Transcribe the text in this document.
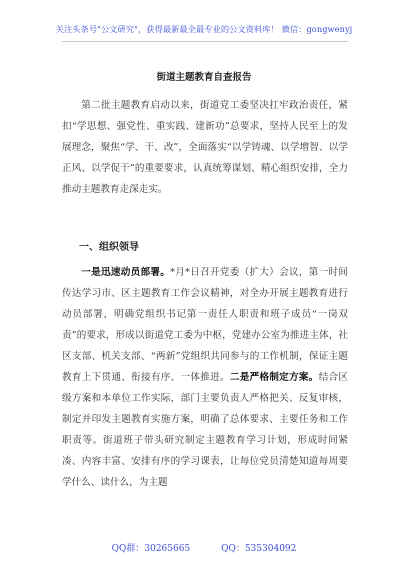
关注头条号"公文研究"，获得最新最全最专业的公文资料库！ 微信：gongwenyj
街道主题教育自查报告
第二批主题教育启动以来，街道党工委坚决扛牢政治责任，紧扣“学思想、强党性、重实践、建新功”总要求，坚持人民至上的发展理念，聚焦“学、干、改”，全面落实“以学铸魂、以学增智、以学正风、以学促干”的重要要求，认真统筹谋划、精心组织安排，全力推动主题教育走深走实。
一、组织领导
一是迅速动员部署。*月*日召开党委（扩大）会议，第一时间传达学习市、区主题教育工作会议精神，对全办开展主题教育进行动员部署，明确党组织书记第一责任人职责和班子成员“一岗双责”的要求，形成以街道党工委为中枢，党建办公室为推进主体，社区支部、机关支部、“两新”党组织共同参与的工作机制，保证主题教育上下贯通、衔接有序、一体推进。二是严格制定方案。结合区级方案和本单位工作实际，部门主要负责人严格把关、反复审核，制定并印发主题教育实施方案，明确了总体要求、主要任务和工作职责等。街道班子带头研究制定主题教育学习计划，形成时间紧凑、内容丰富、安排有序的学习课表，让每位党员清楚知道每周要学什么、读什么，为主题
QQ群：30265665	QQ：535304092
